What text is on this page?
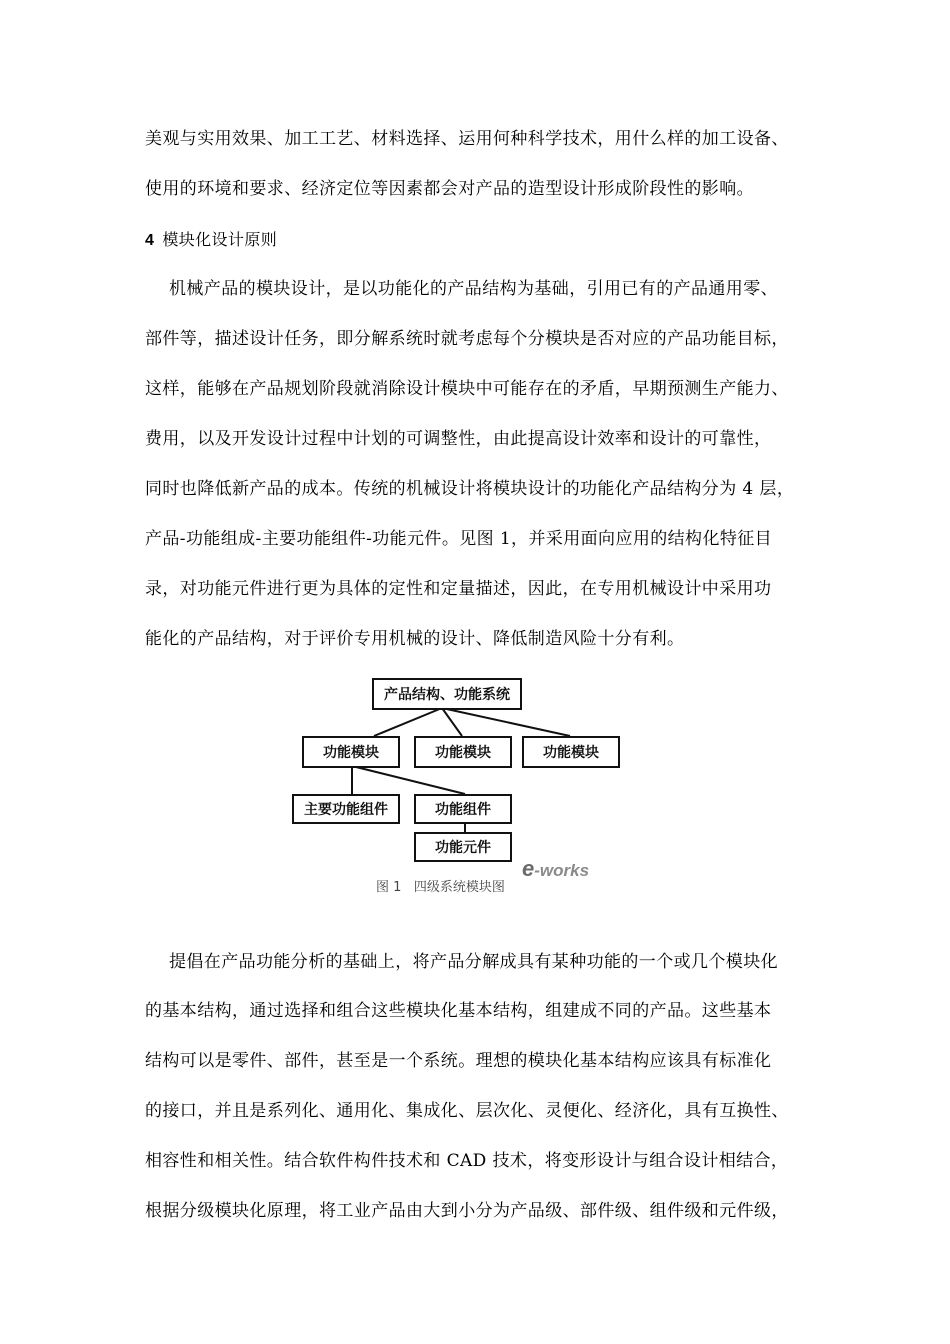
美观与实用效果、加工工艺、材料选择、运用何种科学技术，用什么样的加工设备、
使用的环境和要求、经济定位等因素都会对产品的造型设计形成阶段性的影响。
4 模块化设计原则
机械产品的模块设计，是以功能化的产品结构为基础，引用已有的产品通用零、
部件等，描述设计任务，即分解系统时就考虑每个分模块是否对应的产品功能目标，
这样，能够在产品规划阶段就消除设计模块中可能存在的矛盾，早期预测生产能力、
费用，以及开发设计过程中计划的可调整性，由此提高设计效率和设计的可靠性，
同时也降低新产品的成本。传统的机械设计将模块设计的功能化产品结构分为 4 层，
产品-功能组成-主要功能组件-功能元件。见图 1，并采用面向应用的结构化特征目
录，对功能元件进行更为具体的定性和定量描述，因此，在专用机械设计中采用功
能化的产品结构，对于评价专用机械的设计、降低制造风险十分有利。
产品结构、功能系统
功能模块	功能模块	功能模块
主要功能组件	功能组件
功能元件
图 1 四级系统模块图
e-works
提倡在产品功能分析的基础上，将产品分解成具有某种功能的一个或几个模块化
的基本结构，通过选择和组合这些模块化基本结构，组建成不同的产品。这些基本
结构可以是零件、部件，甚至是一个系统。理想的模块化基本结构应该具有标准化
的接口，并且是系列化、通用化、集成化、层次化、灵便化、经济化，具有互换性、
相容性和相关性。结合软件构件技术和 CAD 技术，将变形设计与组合设计相结合，
根据分级模块化原理，将工业产品由大到小分为产品级、部件级、组件级和元件级，
